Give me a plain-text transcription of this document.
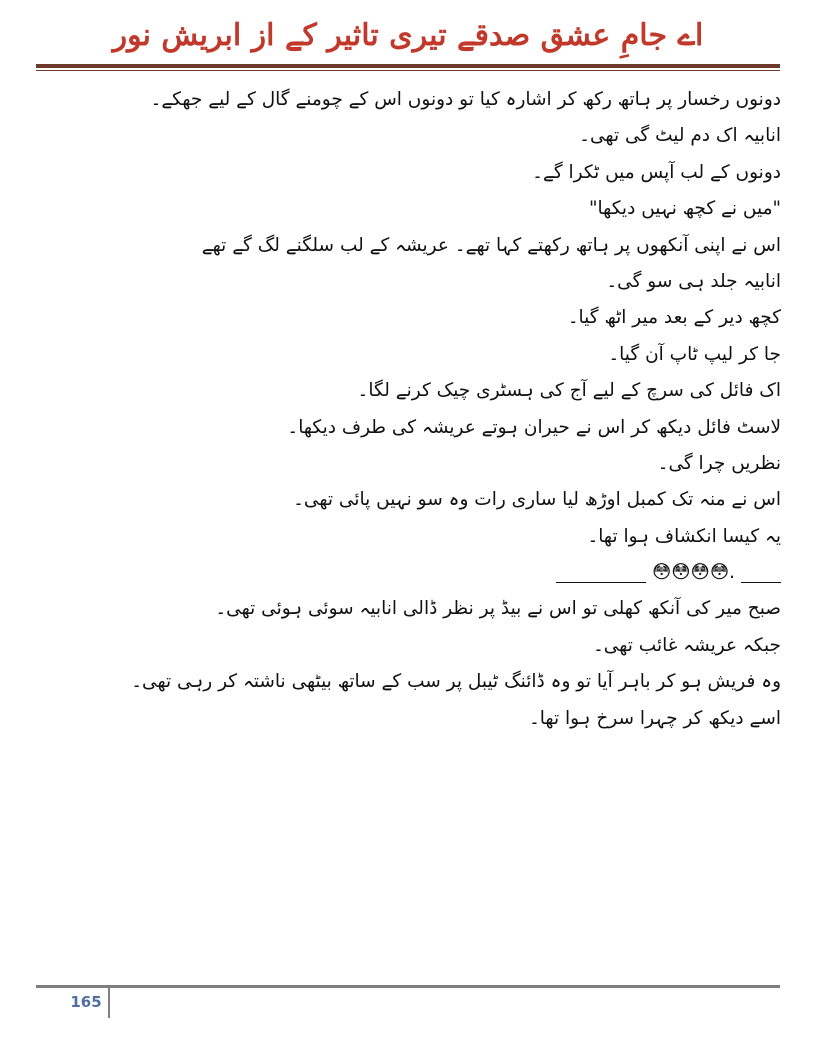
اے جامِ عشق صدقے تیری تاثیر کے از ابریش نور
دونوں رخسار پر ہاتھ رکھ کر اشارہ کیا تو دونوں اس کے چومنے گال کے لیے جھکے۔
انابیہ اک دم لیٹ گی تھی۔
دونوں کے لب آپس میں ٹکرا گے۔
"میں نے کچھ نہیں دیکھا"
اس نے اپنی آنکھوں پر ہاتھ رکھتے کہا تھے۔ عریشہ کے لب سلگنے لگ گے تھے
انابیہ جلد ہی سو گی۔
کچھ دیر کے بعد میر اٹھ گیا۔
جا کر لیپ ٹاپ آن گیا۔
اک فائل کی سرچ کے لیے آج کی ہسٹری چیک کرنے لگا۔
لاسٹ فائل دیکھ کر اس نے حیران ہوتے عریشہ کی طرف دیکھا۔
نظریں چرا گی۔
اس نے منہ تک کمبل اوڑھ لیا ساری رات وہ سو نہیں پائی تھی۔
یہ کیسا انکشاف ہوا تھا۔
.😳😳😳😳
صبح میر کی آنکھ کھلی تو اس نے بیڈ پر نظر ڈالی انابیہ سوئی ہوئی تھی۔
جبکہ عریشہ غائب تھی۔
وہ فریش ہو کر باہر آیا تو وہ ڈائنگ ٹیبل پر سب کے ساتھ بیٹھی ناشتہ کر رہی تھی۔
اسے دیکھ کر چہرا سرخ ہوا تھا۔
165
